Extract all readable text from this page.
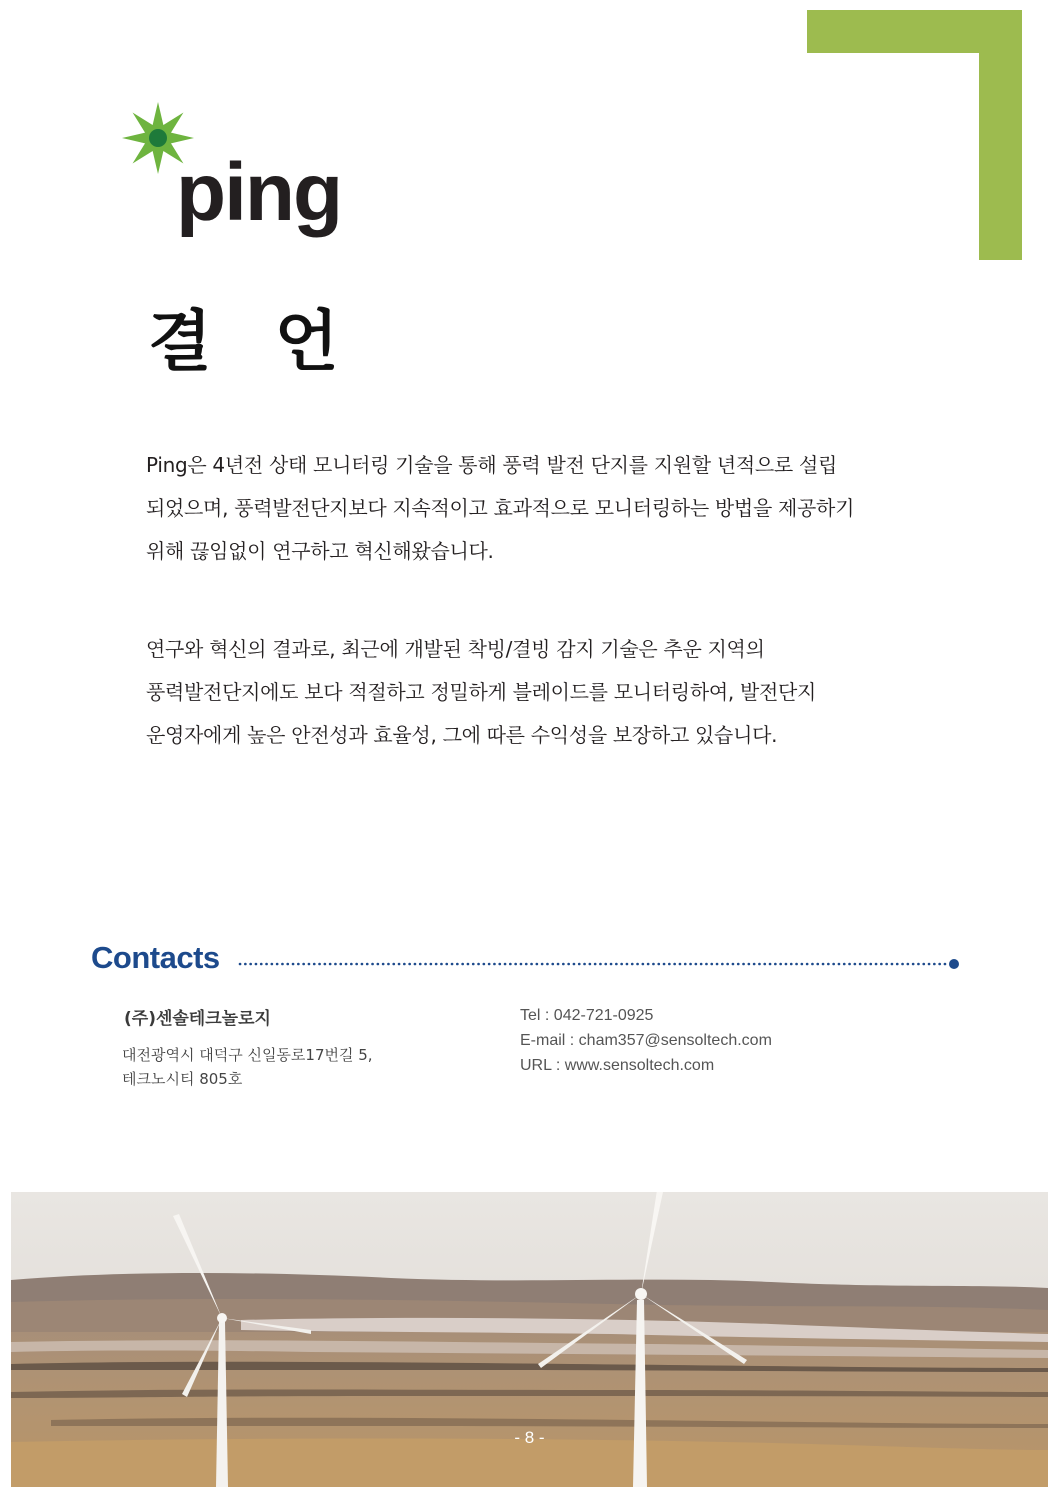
ping
결 언

Ping은 4년전 상태 모니터링 기술을 통해 풍력 발전 단지를 지원할 년적으로 설립
되었으며, 풍력발전단지보다 지속적이고 효과적으로 모니터링하는 방법을 제공하기
위해 끊임없이 연구하고 혁신해왔습니다.

연구와 혁신의 결과로, 최근에 개발된 착빙/결빙 감지 기술은 추운 지역의
풍력발전단지에도 보다 적절하고 정밀하게 블레이드를 모니터링하여, 발전단지
운영자에게 높은 안전성과 효율성, 그에 따른 수익성을 보장하고 있습니다.

Contacts
(주)센솔테크놀로지
대전광역시 대덕구 신일동로17번길 5,
테크노시티 805호
Tel : 042-721-0925
E-mail : cham357@sensoltech.com
URL : www.sensoltech.com
- 8 -
